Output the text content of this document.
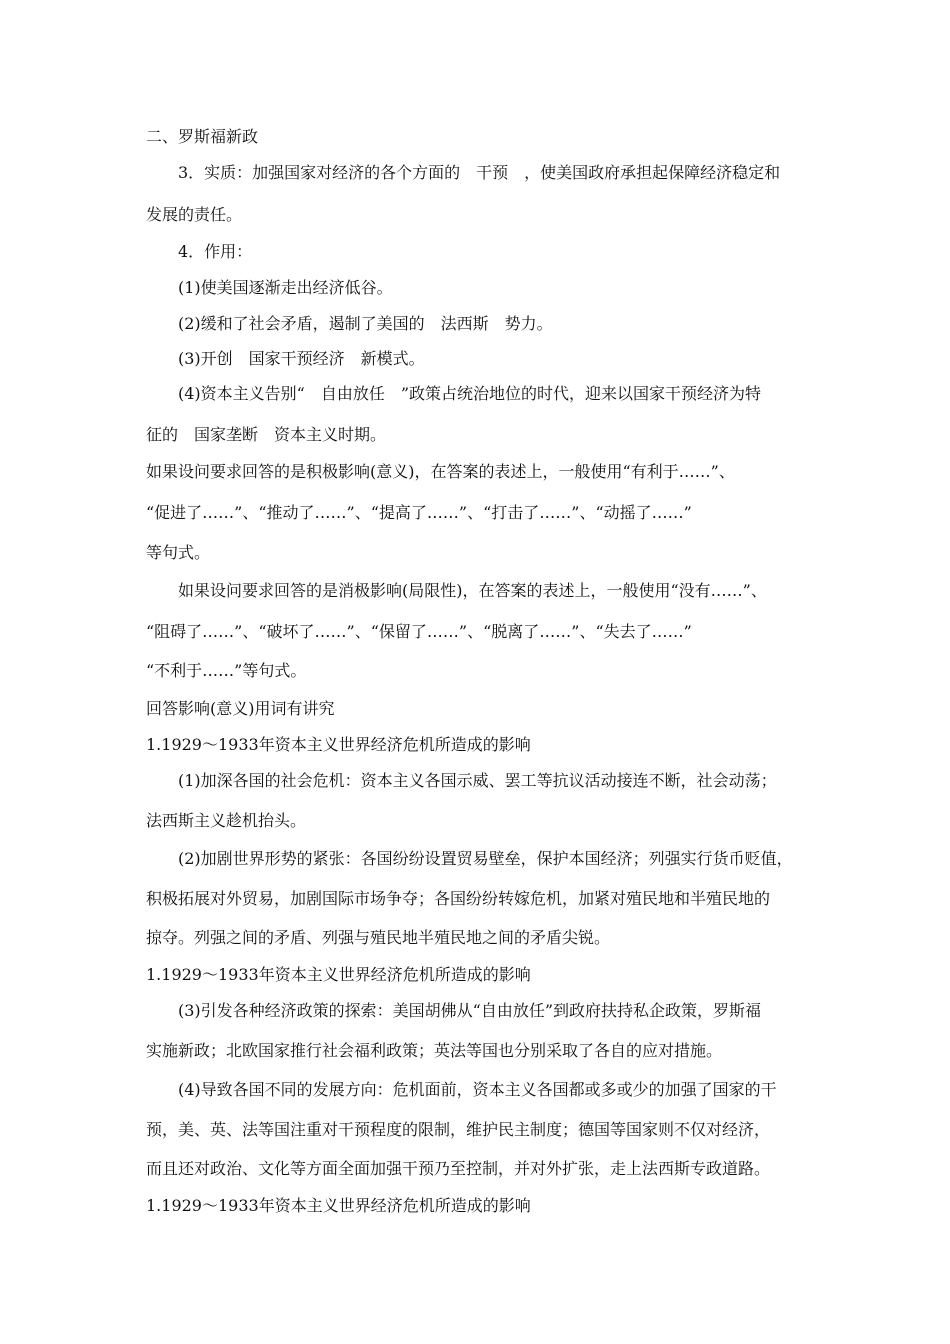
二、罗斯福新政
3．实质：加强国家对经济的各个方面的　干预　，使美国政府承担起保障经济稳定和
发展的责任。
4．作用：
(1)使美国逐渐走出经济低谷。
(2)缓和了社会矛盾，遏制了美国的　法西斯　势力。
(3)开创　国家干预经济　新模式。
(4)资本主义告别“　自由放任　”政策占统治地位的时代，迎来以国家干预经济为特
征的　国家垄断　资本主义时期。
如果设问要求回答的是积极影响(意义)，在答案的表述上，一般使用“有利于……”、
“促进了……”、“推动了……”、“提高了……”、“打击了……”、“动摇了……”
等句式。
如果设问要求回答的是消极影响(局限性)，在答案的表述上，一般使用“没有……”、
“阻碍了……”、“破坏了……”、“保留了……”、“脱离了……”、“失去了……”
“不利于……”等句式。
回答影响(意义)用词有讲究
1.1929～1933年资本主义世界经济危机所造成的影响
(1)加深各国的社会危机：资本主义各国示威、罢工等抗议活动接连不断，社会动荡；
法西斯主义趁机抬头。
(2)加剧世界形势的紧张：各国纷纷设置贸易壁垒，保护本国经济；列强实行货币贬值，
积极拓展对外贸易，加剧国际市场争夺；各国纷纷转嫁危机，加紧对殖民地和半殖民地的
掠夺。列强之间的矛盾、列强与殖民地半殖民地之间的矛盾尖锐。
1.1929～1933年资本主义世界经济危机所造成的影响
(3)引发各种经济政策的探索：美国胡佛从“自由放任”到政府扶持私企政策，罗斯福
实施新政；北欧国家推行社会福利政策；英法等国也分别采取了各自的应对措施。
(4)导致各国不同的发展方向：危机面前，资本主义各国都或多或少的加强了国家的干
预，美、英、法等国注重对干预程度的限制，维护民主制度；德国等国家则不仅对经济，
而且还对政治、文化等方面全面加强干预乃至控制，并对外扩张，走上法西斯专政道路。
1.1929～1933年资本主义世界经济危机所造成的影响
